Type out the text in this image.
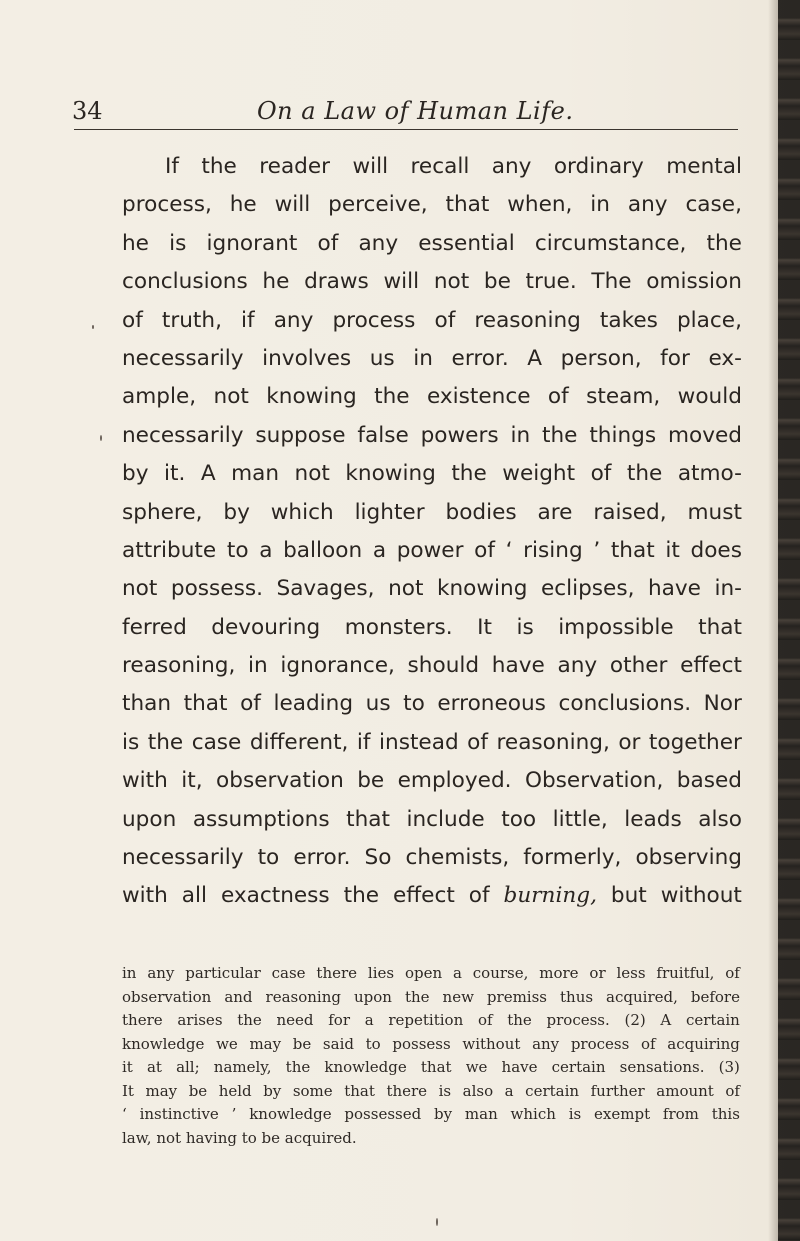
34	On a Law of Human Life.
If the reader will recall any ordinary mental
process, he will perceive, that when, in any case,
he is ignorant of any essential circumstance, the
conclusions he draws will not be true. The omission
of truth, if any process of reasoning takes place,
necessarily involves us in error. A person, for ex-
ample, not knowing the existence of steam, would
necessarily suppose false powers in the things moved
by it. A man not knowing the weight of the atmo-
sphere, by which lighter bodies are raised, must
attribute to a balloon a power of ‘ rising ’ that it does
not possess. Savages, not knowing eclipses, have in-
ferred devouring monsters. It is impossible that
reasoning, in ignorance, should have any other effect
than that of leading us to erroneous conclusions. Nor
is the case different, if instead of reasoning, or together
with it, observation be employed. Observation, based
upon assumptions that include too little, leads also
necessarily to error. So chemists, formerly, observing
with all exactness the effect of burning, but without
in any particular case there lies open a course, more or less fruitful, of
observation and reasoning upon the new premiss thus acquired, before
there arises the need for a repetition of the process. (2) A certain
knowledge we may be said to possess without any process of acquiring
it at all; namely, the knowledge that we have certain sensations. (3)
It may be held by some that there is also a certain further amount of
‘ instinctive ’ knowledge possessed by man which is exempt from this
law, not having to be acquired.
